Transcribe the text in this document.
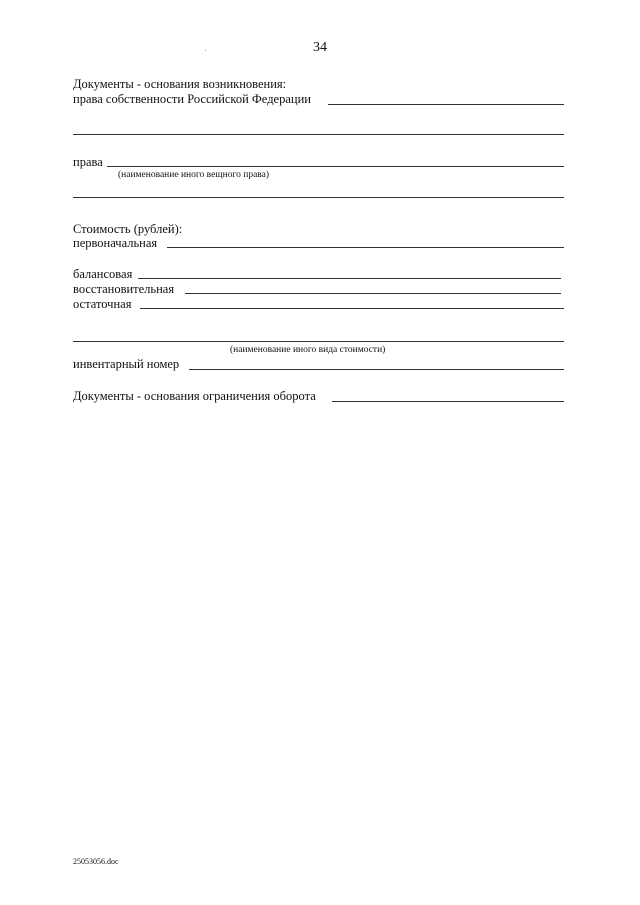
34
Документы - основания возникновения:
права собственности Российской Федерации
права
(наименование иного вещного права)
Стоимость (рублей):
первоначальная
балансовая
восстановительная
остаточная
(наименование иного вида стоимости)
инвентарный номер
Документы - основания ограничения оборота
25053056.doc
